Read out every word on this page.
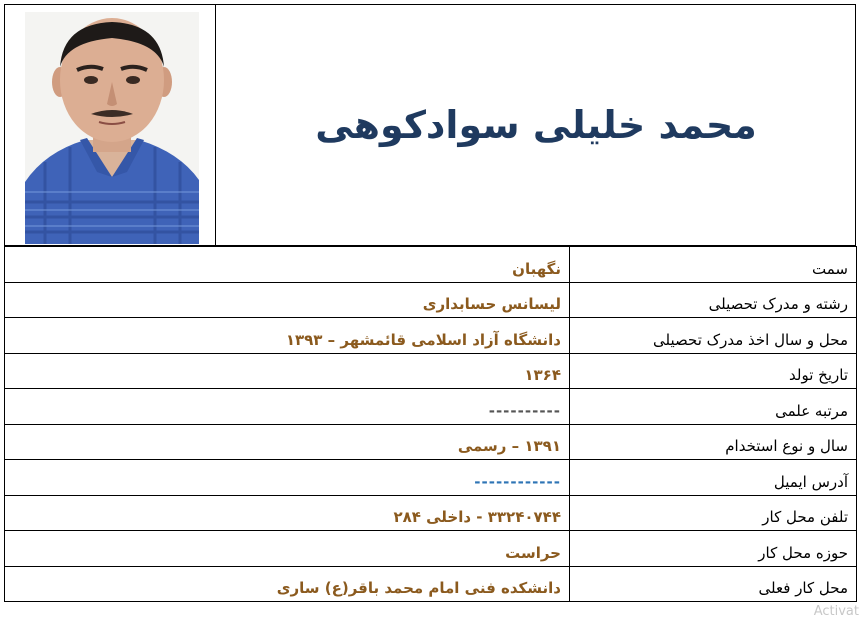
محمد خلیلی سوادکوهی
سمت	نگهبان
رشته و مدرک تحصیلی	لیسانس حسابداری
محل و سال اخذ مدرک تحصیلی	دانشگاه آزاد اسلامی قائمشهر – ۱۳۹۳
تاریخ تولد	۱۳۶۴
مرتبه علمی	----------
سال و نوع استخدام	۱۳۹۱ – رسمی
آدرس ایمیل	------------
تلفن محل کار	۳۳۲۴۰۷۴۴ - داخلی ۲۸۴
حوزه محل کار	حراست
محل کار فعلی	دانشکده فنی امام محمد باقر(ع) ساری
Activat
